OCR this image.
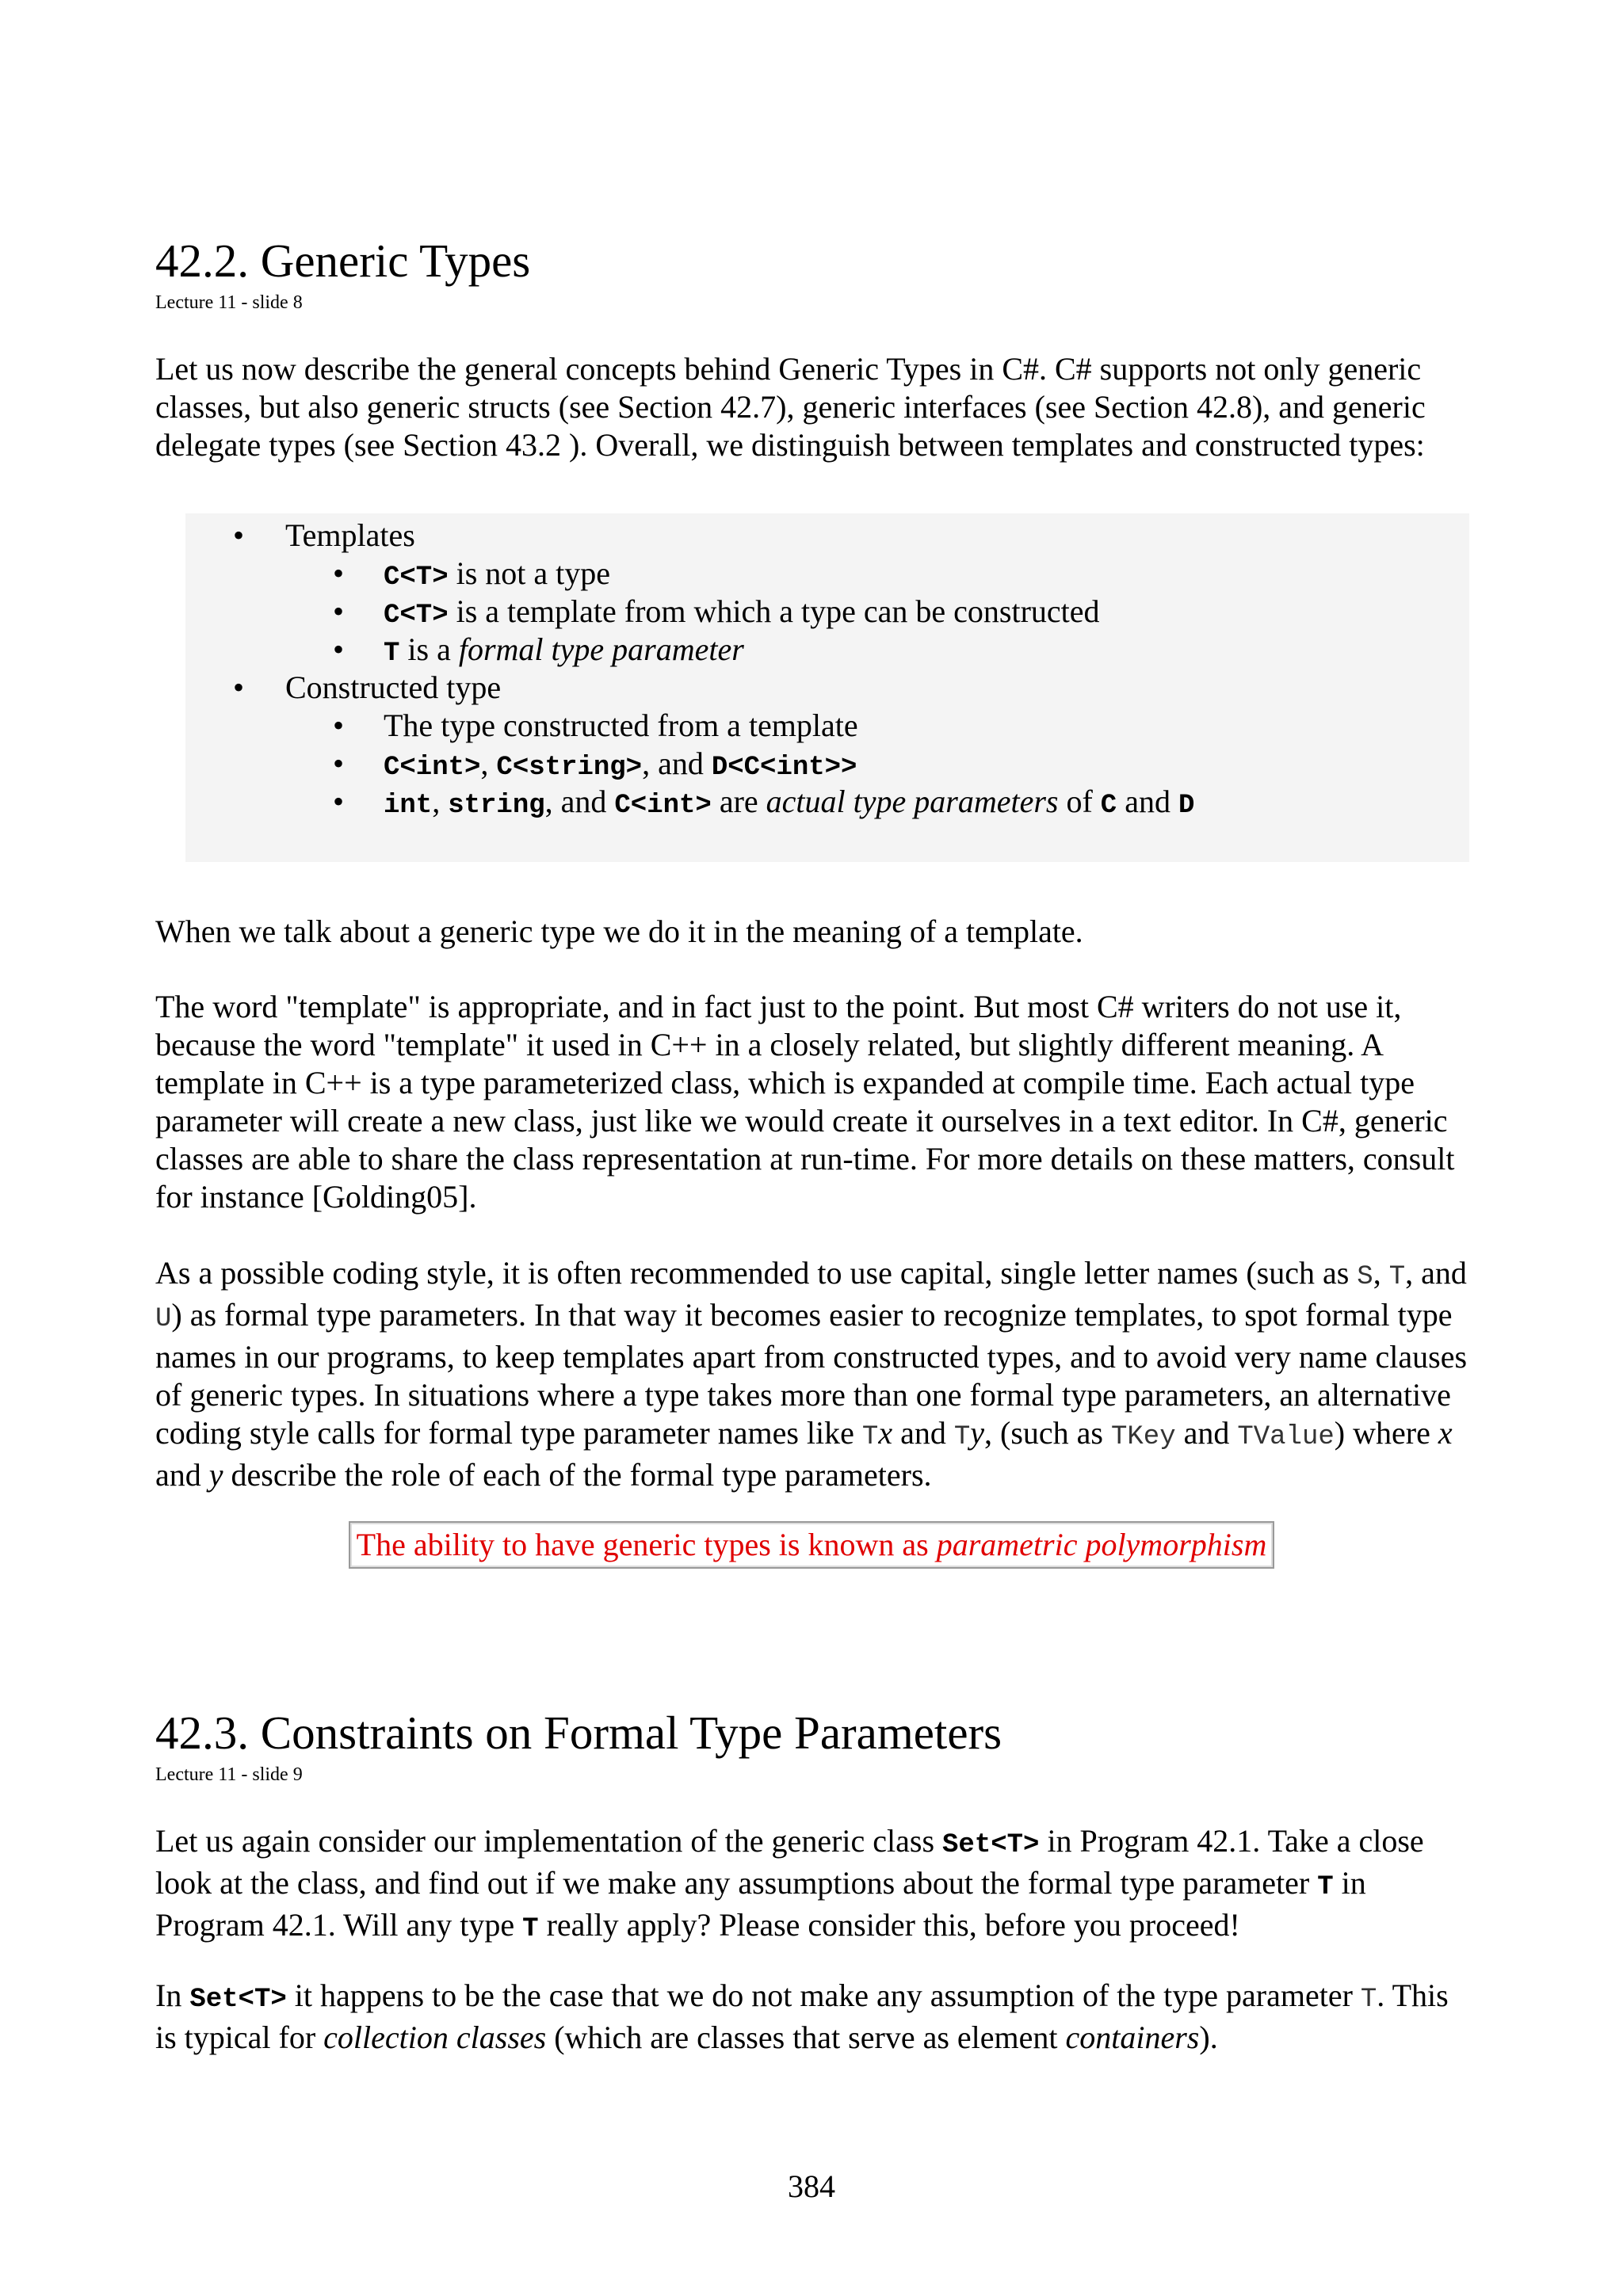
42.2. Generic Types
Lecture 11 - slide 8

Let us now describe the general concepts behind Generic Types in C#. C# supports not only generic classes, but also generic structs (see Section 42.7), generic interfaces (see Section 42.8), and generic delegate types (see Section 43.2 ). Overall, we distinguish between templates and constructed types:

• Templates
• C<T> is not a type
• C<T> is a template from which a type can be constructed
• T is a formal type parameter
• Constructed type
• The type constructed from a template
• C<int>, C<string>, and D<C<int>>
• int, string, and C<int> are actual type parameters of C and D

When we talk about a generic type we do it in the meaning of a template.

The word "template" is appropriate, and in fact just to the point. But most C# writers do not use it, because the word "template" it used in C++ in a closely related, but slightly different meaning. A template in C++ is a type parameterized class, which is expanded at compile time. Each actual type parameter will create a new class, just like we would create it ourselves in a text editor. In C#, generic classes are able to share the class representation at run-time. For more details on these matters, consult for instance [Golding05].

As a possible coding style, it is often recommended to use capital, single letter names (such as S, T, and U) as formal type parameters. In that way it becomes easier to recognize templates, to spot formal type names in our programs, to keep templates apart from constructed types, and to avoid very name clauses of generic types. In situations where a type takes more than one formal type parameters, an alternative coding style calls for formal type parameter names like Tx and Ty, (such as TKey and TValue) where x and y describe the role of each of the formal type parameters.

The ability to have generic types is known as parametric polymorphism
42.3. Constraints on Formal Type Parameters
Lecture 11 - slide 9

Let us again consider our implementation of the generic class Set<T> in Program 42.1. Take a close look at the class, and find out if we make any assumptions about the formal type parameter T in Program 42.1. Will any type T really apply? Please consider this, before you proceed!

In Set<T> it happens to be the case that we do not make any assumption of the type parameter T. This is typical for collection classes (which are classes that serve as element containers).

384
